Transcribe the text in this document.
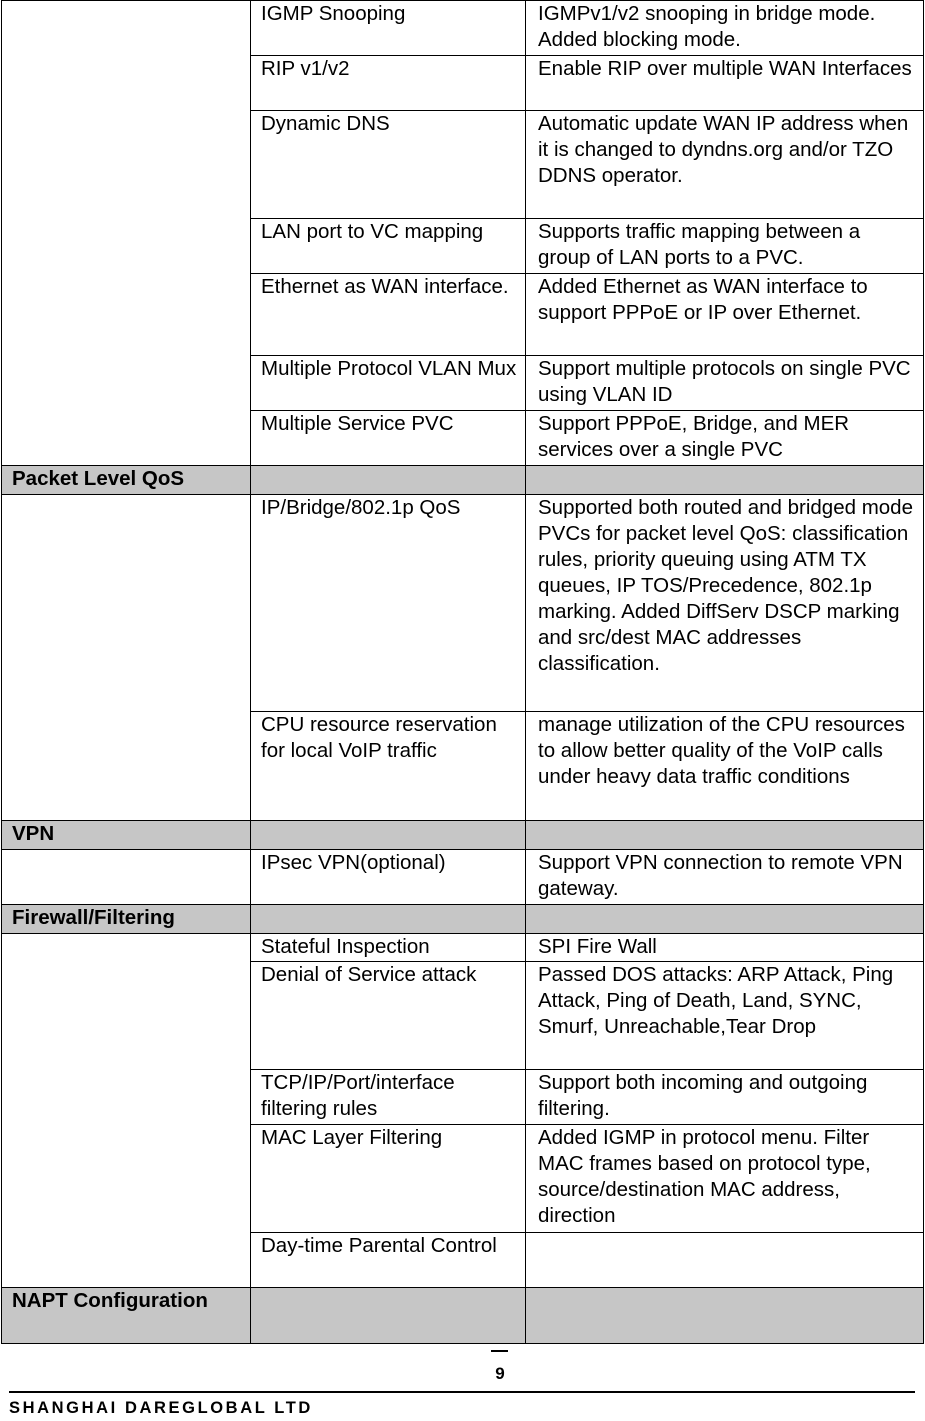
	IGMP Snooping	IGMPv1/v2 snooping in bridge mode. Added blocking mode.
	RIP v1/v2	Enable RIP over multiple WAN Interfaces
	Dynamic DNS	Automatic update WAN IP address when it is changed to dyndns.org and/or TZO DDNS operator.
	LAN port to VC mapping	Supports traffic mapping between a group of LAN ports to a PVC.
	Ethernet as WAN interface.	Added Ethernet as WAN interface to support PPPoE or IP over Ethernet.
	Multiple Protocol VLAN Mux	Support multiple protocols on single PVC using VLAN ID
	Multiple Service PVC	Support PPPoE, Bridge, and MER services over a single PVC
Packet Level QoS		
	IP/Bridge/802.1p QoS	Supported both routed and bridged mode PVCs for packet level QoS: classification rules, priority queuing using ATM TX queues, IP TOS/Precedence, 802.1p marking. Added DiffServ DSCP marking and src/dest MAC addresses classification.
	CPU resource reservation for local VoIP traffic	manage utilization of the CPU resources to allow better quality of the VoIP calls under heavy data traffic conditions
VPN		
	IPsec VPN(optional)	Support VPN connection to remote VPN gateway.
Firewall/Filtering		
	Stateful Inspection	SPI Fire Wall
	Denial of Service attack	Passed DOS attacks: ARP Attack, Ping Attack, Ping of Death, Land, SYNC, Smurf, Unreachable,Tear Drop
	TCP/IP/Port/interface filtering rules	Support both incoming and outgoing filtering.
	MAC Layer Filtering	Added IGMP in protocol menu. Filter MAC frames based on protocol type, source/destination MAC address, direction
	Day-time Parental Control	
NAPT Configuration		
9
SHANGHAI DAREGLOBAL LTD
